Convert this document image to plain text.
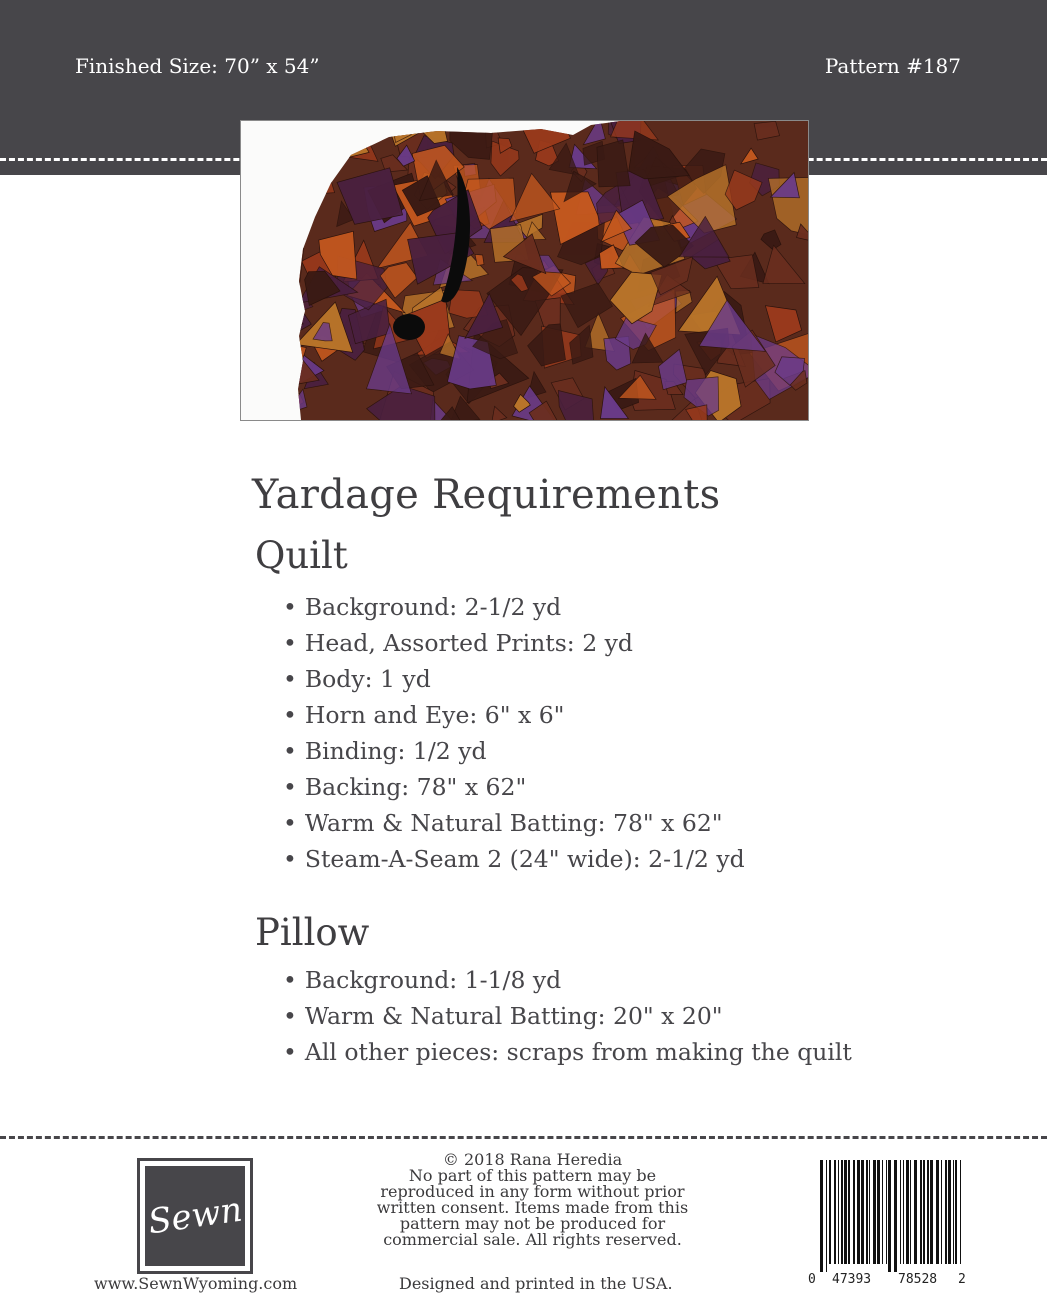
Finished Size: 70” x 54”	Pattern #187
Yardage Requirements
Quilt
• Background: 2-1/2 yd
• Head, Assorted Prints: 2 yd
• Body: 1 yd
• Horn and Eye: 6" x 6"
• Binding: 1/2 yd
• Backing: 78" x 62"
• Warm & Natural Batting: 78" x 62"
• Steam-A-Seam 2 (24" wide): 2-1/2 yd
Pillow
• Background: 1-1/8 yd
• Warm & Natural Batting: 20" x 20"
• All other pieces: scraps from making the quilt
Sewn
www.SewnWyoming.com
© 2018 Rana Heredia
No part of this pattern may be
reproduced in any form without prior
written consent. Items made from this
pattern may not be produced for
commercial sale. All rights reserved.
Designed and printed in the USA.	0 47393 78528 2
